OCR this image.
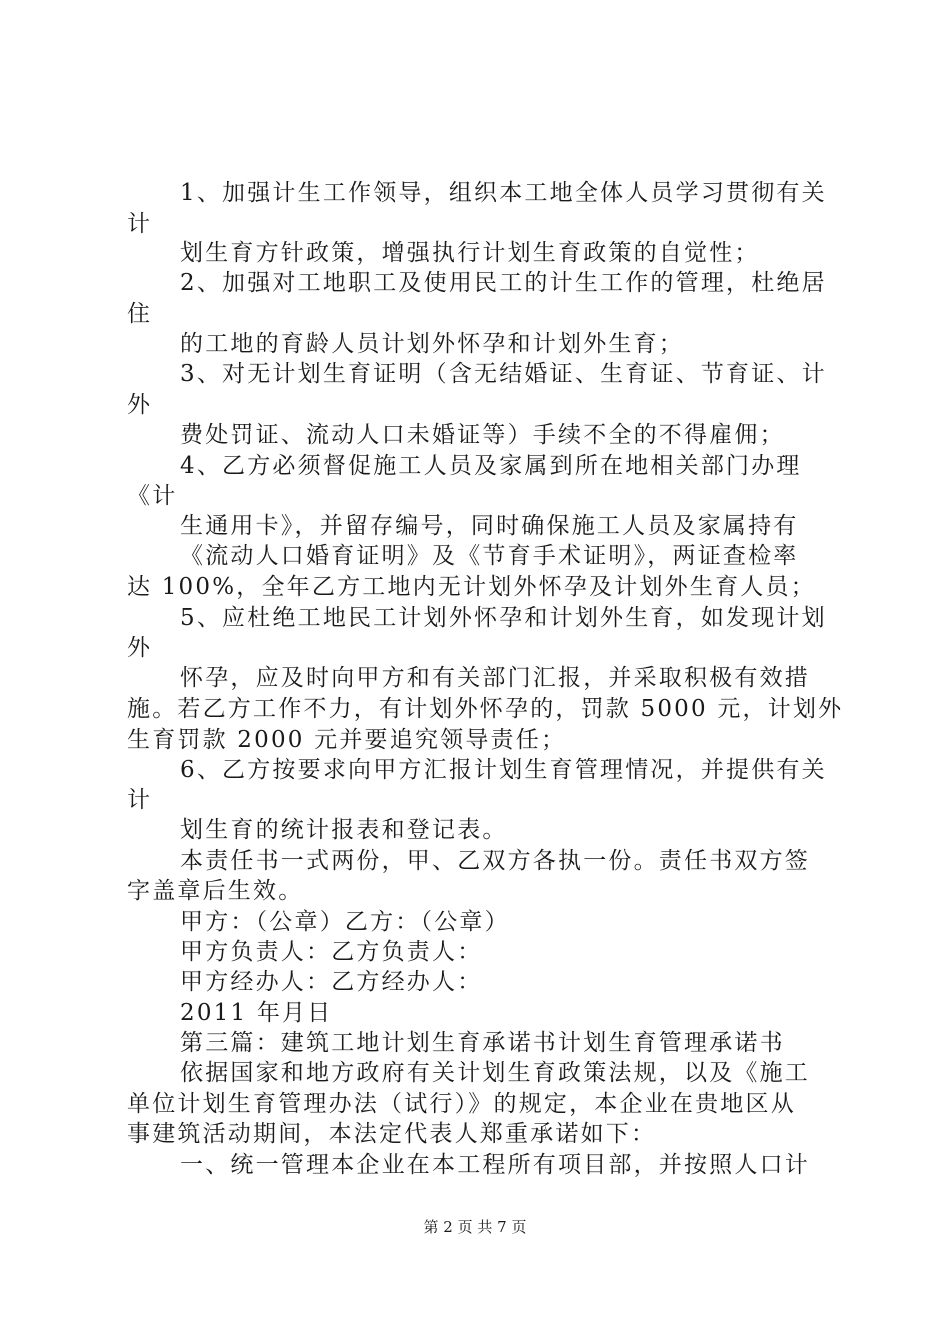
1、加强计生工作领导，组织本工地全体人员学习贯彻有关
计
划生育方针政策，增强执行计划生育政策的自觉性；
2、加强对工地职工及使用民工的计生工作的管理，杜绝居
住
的工地的育龄人员计划外怀孕和计划外生育；
3、对无计划生育证明（含无结婚证、生育证、节育证、计
外
费处罚证、流动人口未婚证等）手续不全的不得雇佣；
4、乙方必须督促施工人员及家属到所在地相关部门办理
《计
生通用卡》，并留存编号，同时确保施工人员及家属持有
《流动人口婚育证明》及《节育手术证明》，两证查检率
达 100%，全年乙方工地内无计划外怀孕及计划外生育人员；
5、应杜绝工地民工计划外怀孕和计划外生育，如发现计划
外
怀孕，应及时向甲方和有关部门汇报，并采取积极有效措
施。若乙方工作不力，有计划外怀孕的，罚款 5000 元，计划外
生育罚款 2000 元并要追究领导责任；
6、乙方按要求向甲方汇报计划生育管理情况，并提供有关
计
划生育的统计报表和登记表。
本责任书一式两份，甲、乙双方各执一份。责任书双方签
字盖章后生效。
甲方：（公章）乙方：（公章）
甲方负责人：乙方负责人：
甲方经办人：乙方经办人：
2011 年月日
第三篇：建筑工地计划生育承诺书计划生育管理承诺书
依据国家和地方政府有关计划生育政策法规，以及《施工
单位计划生育管理办法（试行）》的规定，本企业在贵地区从
事建筑活动期间，本法定代表人郑重承诺如下：
一、统一管理本企业在本工程所有项目部，并按照人口计
第 2 页 共 7 页
